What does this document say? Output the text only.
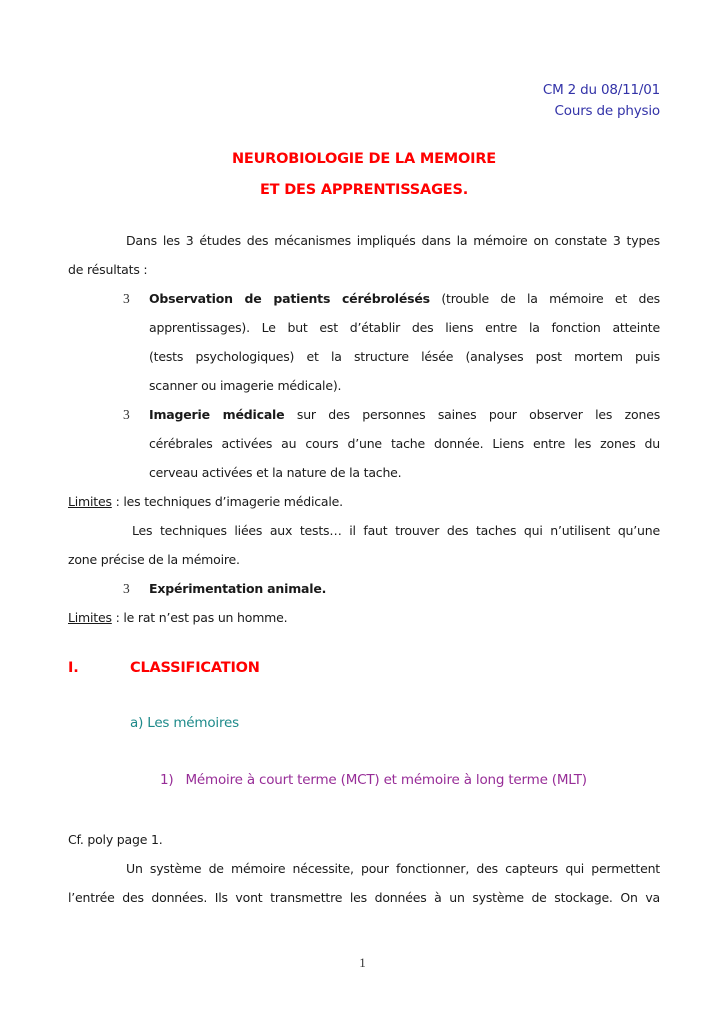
CM 2 du 08/11/01
Cours de physio
NEUROBIOLOGIE DE LA MEMOIRE
ET DES APPRENTISSAGES.
Dans les 3 études des mécanismes impliqués dans la mémoire on constate 3 types
de résultats :
3	Observation de patients cérébrolésés (trouble de la mémoire et des
apprentissages). Le but est d’établir des liens entre la fonction atteinte
(tests psychologiques) et la structure lésée (analyses post mortem puis
scanner ou imagerie médicale).
3	Imagerie médicale sur des personnes saines pour observer les zones
cérébrales activées au cours d’une tache donnée. Liens entre les zones du
cerveau activées et la nature de la tache.
Limites : les techniques d’imagerie médicale.
Les techniques liées aux tests… il faut trouver des taches qui n’utilisent qu’une
zone précise de la mémoire.
3	Expérimentation animale.
Limites : le rat n’est pas un homme.
I.	CLASSIFICATION
a) Les mémoires
1) Mémoire à court terme (MCT) et mémoire à long terme (MLT)
Cf. poly page 1.
Un système de mémoire nécessite, pour fonctionner, des capteurs qui permettent
l’entrée des données. Ils vont transmettre les données à un système de stockage. On va
1
